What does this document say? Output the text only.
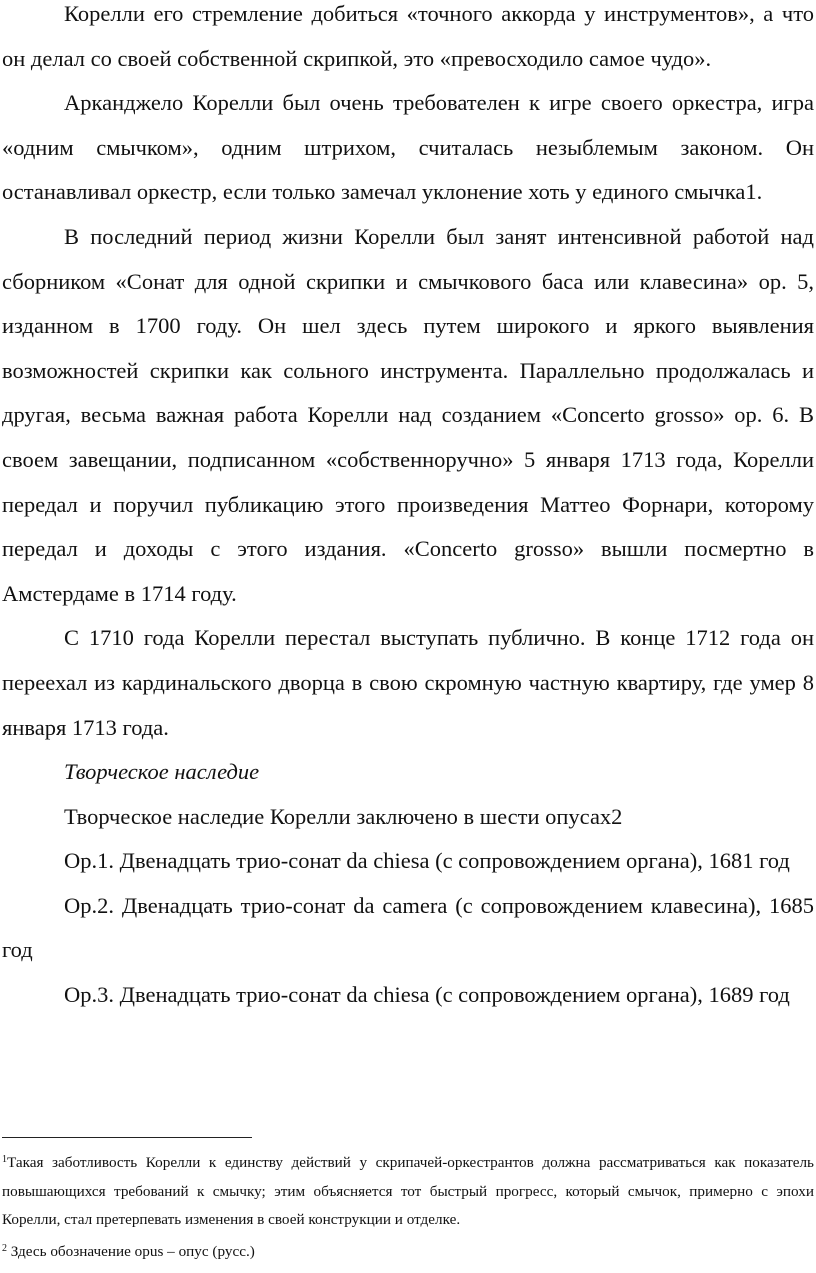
Корелли его стремление добиться «точного аккорда у инструментов», а что он делал со своей собственной скрипкой, это «превосходило самое чудо».

Арканджело Корелли был очень требователен к игре своего оркестра, игра «одним смычком», одним штрихом, считалась незыблемым законом. Он останавливал оркестр, если только замечал уклонение хоть у единого смычка1.

В последний период жизни Корелли был занят интенсивной работой над сборником «Сонат для одной скрипки и смычкового баса или клавесина» ор. 5, изданном в 1700 году. Он шел здесь путем широкого и яркого выявления возможностей скрипки как сольного инструмента. Параллельно продолжалась и другая, весьма важная работа Корелли над созданием «Concerto grosso» ор. 6. В своем завещании, подписанном «собственноручно» 5 января 1713 года, Корелли передал и поручил публикацию этого произведения Маттео Форнари, которому передал и доходы с этого издания. «Concerto grosso» вышли посмертно в Амстердаме в 1714 году.

С 1710 года Корелли перестал выступать публично. В конце 1712 года он переехал из кардинальского дворца в свою скромную частную квартиру, где умер 8 января 1713 года.

Творческое наследие

Творческое наследие Корелли заключено в шести опусах2

Op.1. Двенадцать трио-сонат da chiesa (с сопровождением органа), 1681 год

Op.2. Двенадцать трио-сонат da camera (с сопровождением клавесина), 1685 год

Op.3. Двенадцать трио-сонат da chiesa (с сопровождением органа), 1689 год

$^1$Такая заботливость Корелли к единству действий у скрипачей-оркестрантов должна рассматриваться как показатель повышающихся требований к смычку; этим объясняется тот быстрый прогресс, который смычок, примерно с эпохи Корелли, стал претерпевать изменения в своей конструкции и отделке.

$^2$ Здесь обозначение opus – опус (русс.)
